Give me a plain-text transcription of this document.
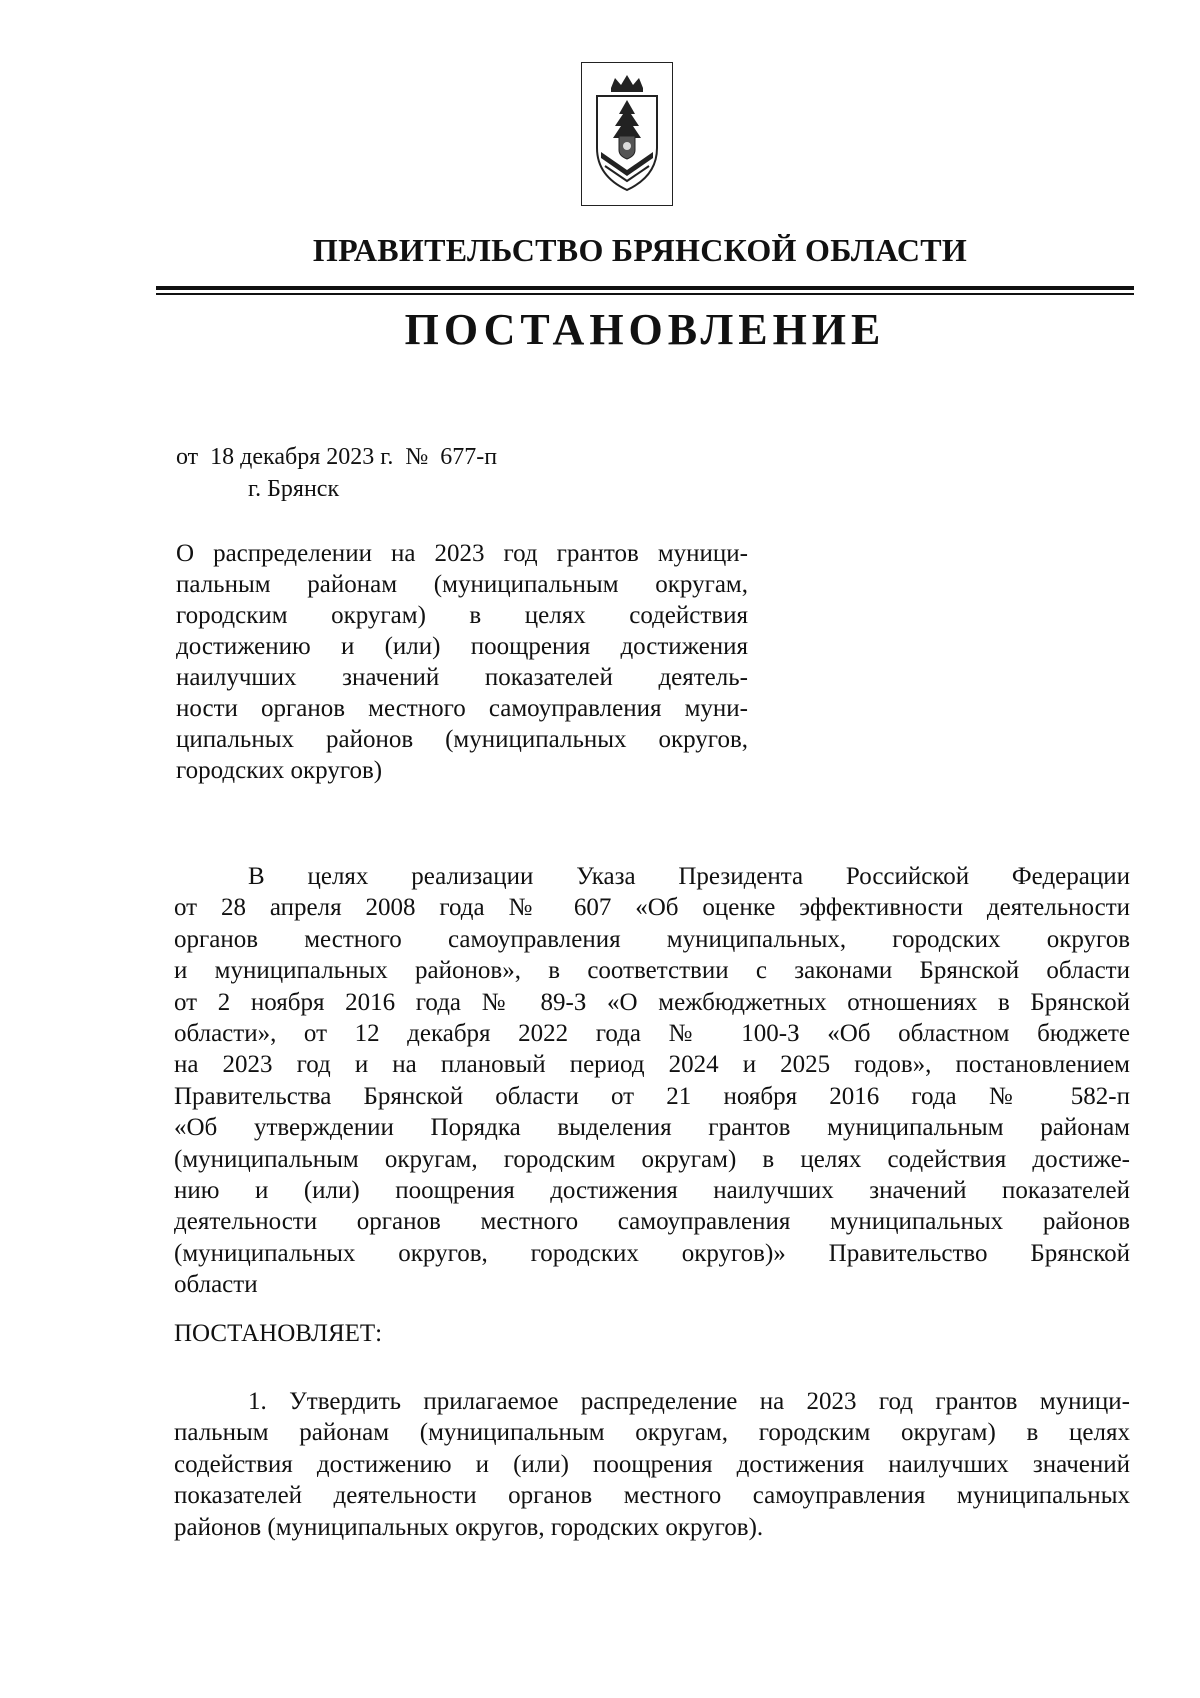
ПРАВИТЕЛЬСТВО БРЯНСКОЙ ОБЛАСТИ
ПОСТАНОВЛЕНИЕ
от  18 декабря 2023 г.  №  677-п
г. Брянск
О распределении на 2023 год грантов муници-
пальным районам (муниципальным округам,
городским округам) в целях содействия
достижению и (или) поощрения достижения
наилучших значений показателей деятель-
ности органов местного самоуправления муни-
ципальных районов (муниципальных округов,
городских округов)
В целях реализации Указа Президента Российской Федерации
от 28 апреля 2008 года № 607 «Об оценке эффективности деятельности
органов местного самоуправления муниципальных, городских округов
и муниципальных районов», в соответствии с законами Брянской области
от 2 ноября 2016 года № 89-З «О межбюджетных отношениях в Брянской
области», от 12 декабря 2022 года № 100-З «Об областном бюджете
на 2023 год и на плановый период 2024 и 2025 годов», постановлением
Правительства Брянской области от 21 ноября 2016 года № 582-п
«Об утверждении Порядка выделения грантов муниципальным районам
(муниципальным округам, городским округам) в целях содействия достиже-
нию и (или) поощрения достижения наилучших значений показателей
деятельности органов местного самоуправления муниципальных районов
(муниципальных округов, городских округов)» Правительство Брянской
области
ПОСТАНОВЛЯЕТ:
1. Утвердить прилагаемое распределение на 2023 год грантов муници-
пальным районам (муниципальным округам, городским округам) в целях
содействия достижению и (или) поощрения достижения наилучших значений
показателей деятельности органов местного самоуправления муниципальных
районов (муниципальных округов, городских округов).
